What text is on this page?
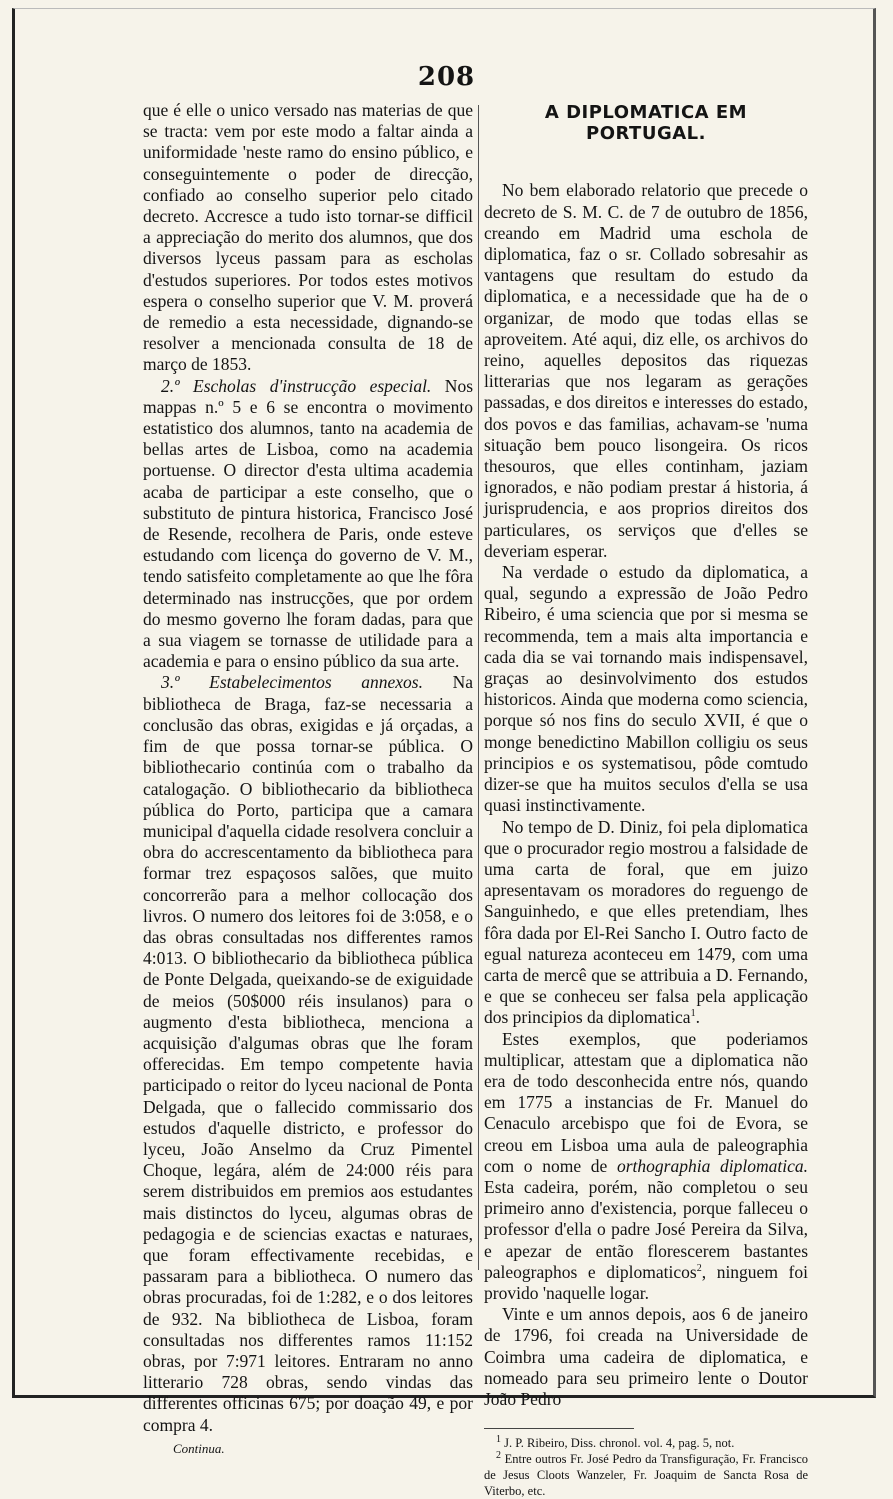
208

que é elle o unico versado nas materias de que se tracta: vem por este modo a faltar ainda a uniformidade 'neste ramo do ensino público, e conseguintemente o poder de direcção, confiado ao conselho superior pelo citado decreto. Accresce a tudo isto tornar-se difficil a appreciação do merito dos alumnos, que dos diversos lyceus passam para as escholas d'estudos superiores. Por todos estes motivos espera o conselho superior que V. M. proverá de remedio a esta necessidade, dignando-se resolver a mencionada consulta de 18 de março de 1853.

2.º Escholas d'instrucção especial. Nos mappas n.º 5 e 6 se encontra o movimento estatistico dos alumnos, tanto na academia de bellas artes de Lisboa, como na academia portuense. O director d'esta ultima academia acaba de participar a este conselho, que o substituto de pintura historica, Francisco José de Resende, recolhera de Paris, onde esteve estudando com licença do governo de V. M., tendo satisfeito completamente ao que lhe fôra determinado nas instrucções, que por ordem do mesmo governo lhe foram dadas, para que a sua viagem se tornasse de utilidade para a academia e para o ensino público da sua arte.

3.º Estabelecimentos annexos. Na bibliotheca de Braga, faz-se necessaria a conclusão das obras, exigidas e já orçadas, a fim de que possa tornar-se pública. O bibliothecario continúa com o trabalho da catalogação. O bibliothecario da bibliotheca pública do Porto, participa que a camara municipal d'aquella cidade resolvera concluir a obra do accrescentamento da bibliotheca para formar trez espaçosos salões, que muito concorrerão para a melhor collocação dos livros. O numero dos leitores foi de 3:058, e o das obras consultadas nos differentes ramos 4:013. O bibliothecario da bibliotheca pública de Ponte Delgada, queixando-se de exiguidade de meios (50$000 réis insulanos) para o augmento d'esta bibliotheca, menciona a acquisição d'algumas obras que lhe foram offerecidas. Em tempo competente havia participado o reitor do lyceu nacional de Ponta Delgada, que o fallecido commissario dos estudos d'aquelle districto, e professor do lyceu, João Anselmo da Cruz Pimentel Choque, legára, além de 24:000 réis para serem distribuidos em premios aos estudantes mais distinctos do lyceu, algumas obras de pedagogia e de sciencias exactas e naturaes, que foram effectivamente recebidas, e passaram para a bibliotheca. O numero das obras procuradas, foi de 1:282, e o dos leitores de 932. Na bibliotheca de Lisboa, foram consultadas nos differentes ramos 11:152 obras, por 7:971 leitores. Entraram no anno litterario 728 obras, sendo vindas das differentes officinas 675; por doação 49, e por compra 4.

Continua.
A DIPLOMATICA EM PORTUGAL.

No bem elaborado relatorio que precede o decreto de S. M. C. de 7 de outubro de 1856, creando em Madrid uma eschola de diplomatica, faz o sr. Collado sobresahir as vantagens que resultam do estudo da diplomatica, e a necessidade que ha de o organizar, de modo que todas ellas se aproveitem. Até aqui, diz elle, os archivos do reino, aquelles depositos das riquezas litterarias que nos legaram as gerações passadas, e dos direitos e interesses do estado, dos povos e das familias, achavam-se 'numa situação bem pouco lisongeira. Os ricos thesouros, que elles continham, jaziam ignorados, e não podiam prestar á historia, á jurisprudencia, e aos proprios direitos dos particulares, os serviços que d'elles se deveriam esperar.

Na verdade o estudo da diplomatica, a qual, segundo a expressão de João Pedro Ribeiro, é uma sciencia que por si mesma se recommenda, tem a mais alta importancia e cada dia se vai tornando mais indispensavel, graças ao desinvolvimento dos estudos historicos. Ainda que moderna como sciencia, porque só nos fins do seculo XVII, é que o monge benedictino Mabillon colligiu os seus principios e os systematisou, pôde comtudo dizer-se que ha muitos seculos d'ella se usa quasi instinctivamente.

No tempo de D. Diniz, foi pela diplomatica que o procurador regio mostrou a falsidade de uma carta de foral, que em juizo apresentavam os moradores do reguengo de Sanguinhedo, e que elles pretendiam, lhes fôra dada por El-Rei Sancho I. Outro facto de egual natureza aconteceu em 1479, com uma carta de mercê que se attribuia a D. Fernando, e que se conheceu ser falsa pela applicação dos principios da diplomatica$^1$.

Estes exemplos, que poderiamos multiplicar, attestam que a diplomatica não era de todo desconhecida entre nós, quando em 1775 a instancias de Fr. Manuel do Cenaculo arcebispo que foi de Evora, se creou em Lisboa uma aula de paleographia com o nome de orthographia diplomatica. Esta cadeira, porém, não completou o seu primeiro anno d'existencia, porque falleceu o professor d'ella o padre José Pereira da Silva, e apezar de então florescerem bastantes paleographos e diplomaticos$^2$, ninguem foi provido 'naquelle logar.

Vinte e um annos depois, aos 6 de janeiro de 1796, foi creada na Universidade de Coimbra uma cadeira de diplomatica, e nomeado para seu primeiro lente o Doutor João Pedro

$^1$ J. P. Ribeiro, Diss. chronol. vol. 4, pag. 5, not.

$^2$ Entre outros Fr. José Pedro da Transfiguração, Fr. Francisco de Jesus Cloots Wanzeler, Fr. Joaquim de Sancta Rosa de Viterbo, etc.
